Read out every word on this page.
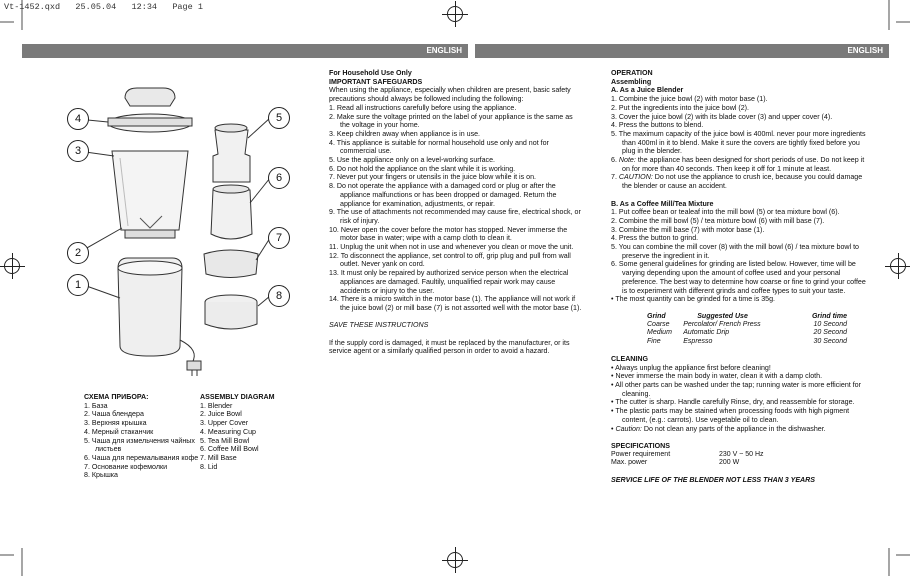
Vt-1452.qxd   25.05.04   12:34   Page 1
ENGLISH	ENGLISH
4
3
2
1
5
6
7
8
СХЕМА ПРИБОРА:
1. База
2. Чаша блендера
3. Верхняя крышка
4. Мерный стаканчик
5. Чаша для измельчения чайных листьев
6. Чаша для перемалывания кофе
7. Основание кофемолки
8. Крышка
ASSEMBLY DIAGRAM
1. Blender
2. Juice Bowl
3. Upper Cover
4. Measuring Cup
5. Tea Mill Bowl
6. Coffee Mill Bowl
7. Mill Base
8. Lid
For Household Use Only
IMPORTANT SAFEGUARDS
When using the appliance, especially when children are present, basic safety precautions should always be followed including the following:
1. Read all instructions carefully before using the appliance.
2. Make sure the voltage printed on the label of your appliance is the same as the voltage in your home.
3. Keep children away when appliance is in use.
4. This appliance is suitable for normal household use only and not for commercial use.
5. Use the appliance only on a level-working surface.
6. Do not hold the appliance on the slant while it is working.
7. Never put your fingers or utensils in the juice blow while it is on.
8. Do not operate the appliance with a damaged cord or plug or after the appliance malfunctions or has been dropped or damaged. Return the appliance for examination, adjustments, or repair.
9. The use of attachments not recommended may cause fire, electrical shock, or risk of injury.
10. Never open the cover before the motor has stopped. Never immerse the motor base in water; wipe with a camp cloth to clean it.
11. Unplug the unit when not in use and whenever you clean or move the unit.
12. To disconnect the appliance, set control to off, grip plug and pull from wall outlet. Never yank on cord.
13. It must only be repaired by authorized service person when the electrical appliances are damaged. Faultily, unqualified repair work may cause accidents or injury to the user.
14. There is a micro switch in the motor base (1). The appliance will not work if the juice bowl (2) or mill base (7) is not assorted well with the motor base (1).
SAVE THESE INSTRUCTIONS
If the supply cord is damaged, it must be replaced by the manufacturer, or its service agent or a similarly qualified person in order to avoid a hazard.
OPERATION
Assembling
A. As a Juice Blender
1. Combine the juice bowl (2) with motor base (1).
2. Put the ingredients into the juice bowl (2).
3. Cover the juice bowl (2) with its blade cover (3) and upper cover (4).
4. Press the buttons to blend.
5. The maximum capacity of the juice bowl is 400ml. never pour more ingredients than 400ml in it to blend. Make it sure the covers are tightly fixed before you plug in the blender.
6. Note: the appliance has been designed for short periods of use. Do not keep it on for more than 40 seconds. Then keep it off for 1 minute at least.
7. CAUTION: Do not use the appliance to crush ice, because you could damage the blender or cause an accident.
B. As a Coffee Mill/Tea Mixture
1. Put coffee bean or tealeaf into the mill bowl (5) or tea mixture bowl (6).
2. Combine the mill bowl (5) / tea mixture bowl (6) with mill base (7).
3. Combine the mill base (7) with motor base (1).
4. Press the button to grind.
5. You can combine the mill cover (8) with the mill bowl (6) / tea mixture bowl to preserve the ingredient in it.
6. Some general guidelines for grinding are listed below. However, time will be varying depending upon the amount of coffee used and your personal preference. The best way to determine how coarse or fine to grind your coffee is to experiment with different grinds and coffee types to suit your taste.
• The most quantity can be grinded for a time is 35g.
Grind	Suggested Use	Grind time
Coarse	Percolator/ French Press	10 Second
Medium	Automatic Drip	20 Second
Fine	Espresso	30 Second
CLEANING
• Always unplug the appliance first before cleaning!
• Never immerse the main body in water, clean it with a damp cloth.
• All other parts can be washed under the tap; running water is more efficient for cleaning.
• The cutter is sharp. Handle carefully Rinse, dry, and reassemble for storage.
• The plastic parts may be stained when processing foods with high pigment content, (e.g.: carrots). Use vegetable oil to clean.
• Caution: Do not clean any parts of the appliance in the dishwasher.
SPECIFICATIONS
Power requirement	230 V ~ 50 Hz
Max. power	200 W
SERVICE LIFE OF THE BLENDER NOT LESS THAN 3 YEARS
